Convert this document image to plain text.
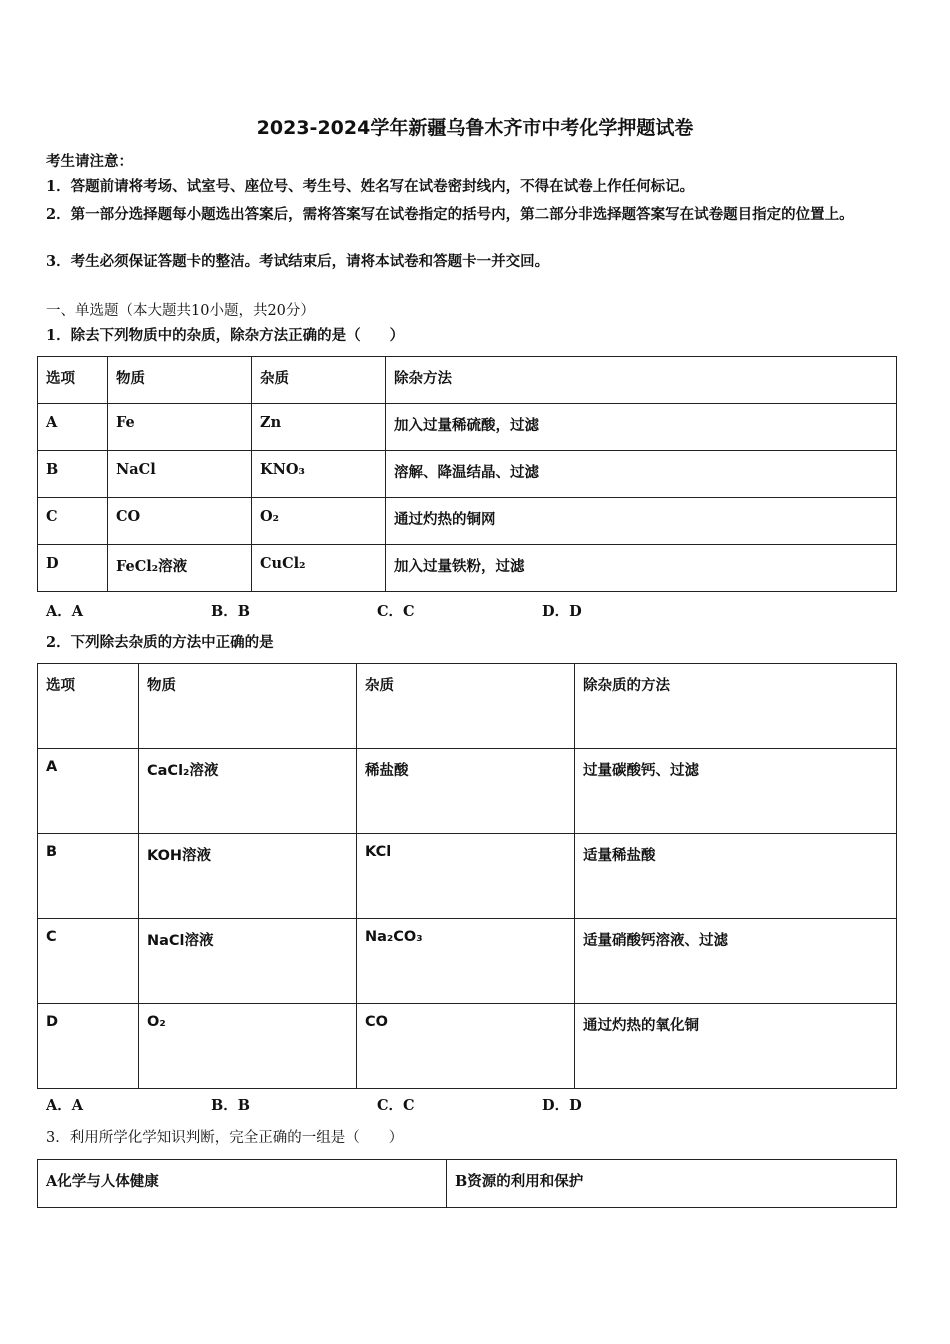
2023-2024学年新疆乌鲁木齐市中考化学押题试卷
考生请注意：
1．答题前请将考场、试室号、座位号、考生号、姓名写在试卷密封线内，不得在试卷上作任何标记。
2．第一部分选择题每小题选出答案后，需将答案写在试卷指定的括号内，第二部分非选择题答案写在试卷题目指定的位置上。
3．考生必须保证答题卡的整洁。考试结束后，请将本试卷和答题卡一并交回。
一、单选题（本大题共10小题，共20分）
1．除去下列物质中的杂质，除杂方法正确的是（　　）
选项	物质	杂质	除杂方法
A	Fe	Zn	加入过量稀硫酸，过滤
B	NaCl	KNO₃	溶解、降温结晶、过滤
C	CO	O₂	通过灼热的铜网
D	FeCl₂溶液	CuCl₂	加入过量铁粉，过滤
A．A	B．B	C．C	D．D
2．下列除去杂质的方法中正确的是
选项	物质	杂质	除杂质的方法
A	CaCl₂溶液	稀盐酸	过量碳酸钙、过滤
B	KOH溶液	KCl	适量稀盐酸
C	NaCl溶液	Na₂CO₃	适量硝酸钙溶液、过滤
D	O₂	CO	通过灼热的氧化铜
A．A	B．B	C．C	D．D
3．利用所学化学知识判断，完全正确的一组是（　　）
A化学与人体健康	B资源的利用和保护
